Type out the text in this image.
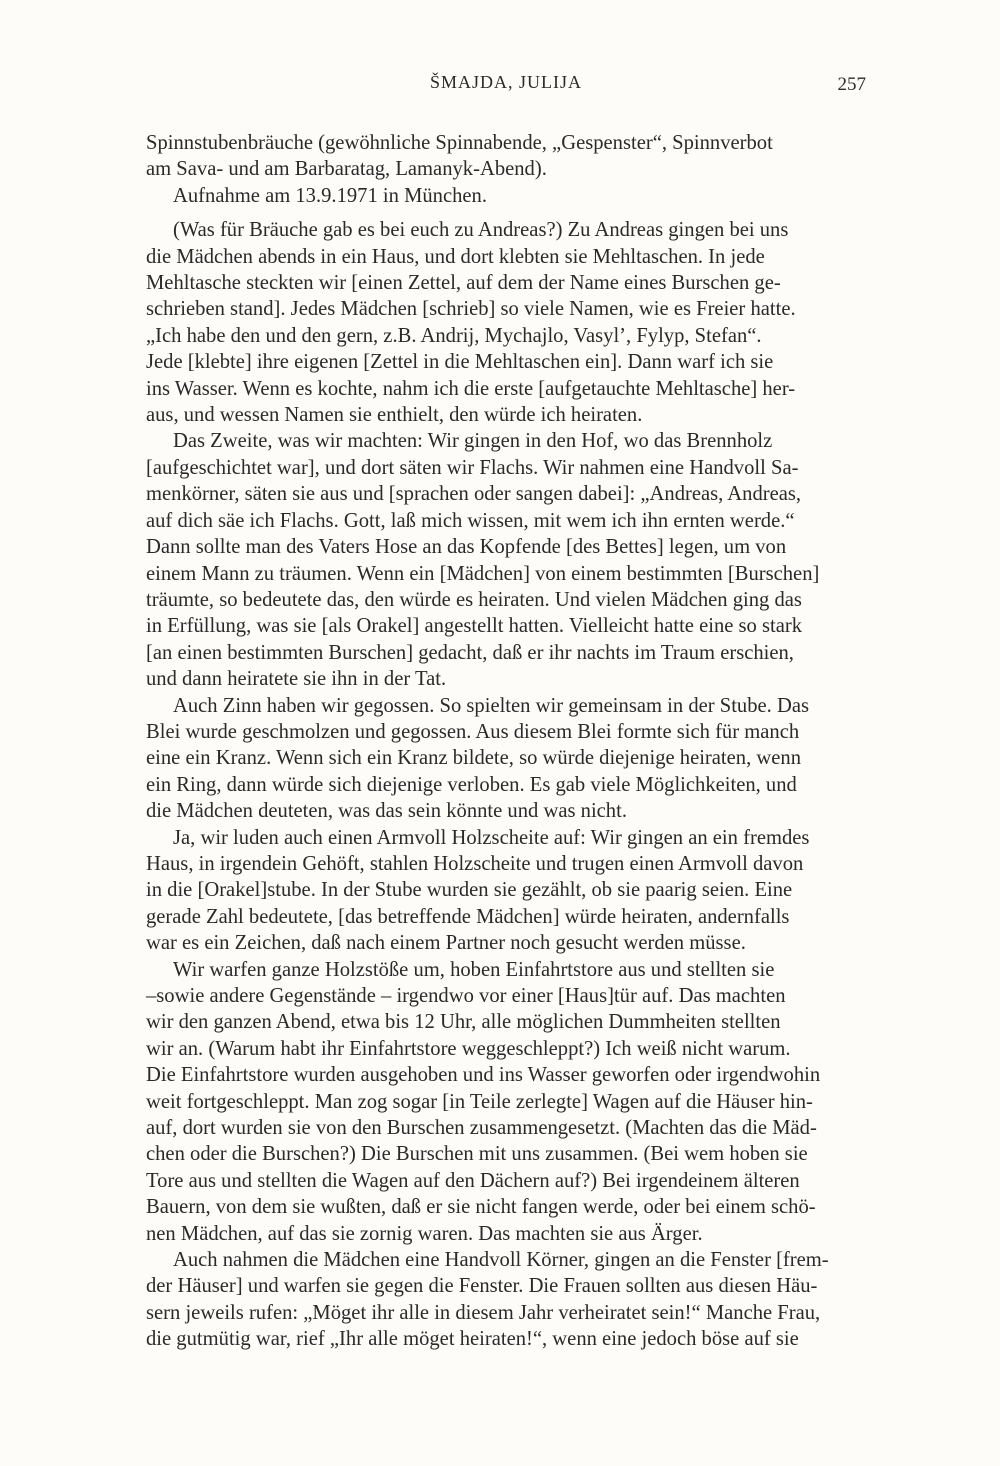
ŠMAJDA, JULIJA	257
Spinnstubenbräuche (gewöhnliche Spinnabende, „Gespenster“, Spinnverbot
am Sava- und am Barbaratag, Lamanyk-Abend).
Aufnahme am 13.9.1971 in München.
(Was für Bräuche gab es bei euch zu Andreas?) Zu Andreas gingen bei uns
die Mädchen abends in ein Haus, und dort klebten sie Mehltaschen. In jede
Mehltasche steckten wir [einen Zettel, auf dem der Name eines Burschen ge-
schrieben stand]. Jedes Mädchen [schrieb] so viele Namen, wie es Freier hatte.
„Ich habe den und den gern, z.B. Andrij, Mychajlo, Vasyl’, Fylyp, Stefan“.
Jede [klebte] ihre eigenen [Zettel in die Mehltaschen ein]. Dann warf ich sie
ins Wasser. Wenn es kochte, nahm ich die erste [aufgetauchte Mehltasche] her-
aus, und wessen Namen sie enthielt, den würde ich heiraten.
Das Zweite, was wir machten: Wir gingen in den Hof, wo das Brennholz
[aufgeschichtet war], und dort säten wir Flachs. Wir nahmen eine Handvoll Sa-
menkörner, säten sie aus und [sprachen oder sangen dabei]: „Andreas, Andreas,
auf dich säe ich Flachs. Gott, laß mich wissen, mit wem ich ihn ernten werde.“
Dann sollte man des Vaters Hose an das Kopfende [des Bettes] legen, um von
einem Mann zu träumen. Wenn ein [Mädchen] von einem bestimmten [Burschen]
träumte, so bedeutete das, den würde es heiraten. Und vielen Mädchen ging das
in Erfüllung, was sie [als Orakel] angestellt hatten. Vielleicht hatte eine so stark
[an einen bestimmten Burschen] gedacht, daß er ihr nachts im Traum erschien,
und dann heiratete sie ihn in der Tat.
Auch Zinn haben wir gegossen. So spielten wir gemeinsam in der Stube. Das
Blei wurde geschmolzen und gegossen. Aus diesem Blei formte sich für manch
eine ein Kranz. Wenn sich ein Kranz bildete, so würde diejenige heiraten, wenn
ein Ring, dann würde sich diejenige verloben. Es gab viele Möglichkeiten, und
die Mädchen deuteten, was das sein könnte und was nicht.
Ja, wir luden auch einen Armvoll Holzscheite auf: Wir gingen an ein fremdes
Haus, in irgendein Gehöft, stahlen Holzscheite und trugen einen Armvoll davon
in die [Orakel]stube. In der Stube wurden sie gezählt, ob sie paarig seien. Eine
gerade Zahl bedeutete, [das betreffende Mädchen] würde heiraten, andernfalls
war es ein Zeichen, daß nach einem Partner noch gesucht werden müsse.
Wir warfen ganze Holzstöße um, hoben Einfahrtstore aus und stellten sie
–sowie andere Gegenstände – irgendwo vor einer [Haus]tür auf. Das machten
wir den ganzen Abend, etwa bis 12 Uhr, alle möglichen Dummheiten stellten
wir an. (Warum habt ihr Einfahrtstore weggeschleppt?) Ich weiß nicht warum.
Die Einfahrtstore wurden ausgehoben und ins Wasser geworfen oder irgendwohin
weit fortgeschleppt. Man zog sogar [in Teile zerlegte] Wagen auf die Häuser hin-
auf, dort wurden sie von den Burschen zusammengesetzt. (Machten das die Mäd-
chen oder die Burschen?) Die Burschen mit uns zusammen. (Bei wem hoben sie
Tore aus und stellten die Wagen auf den Dächern auf?) Bei irgendeinem älteren
Bauern, von dem sie wußten, daß er sie nicht fangen werde, oder bei einem schö-
nen Mädchen, auf das sie zornig waren. Das machten sie aus Ärger.
Auch nahmen die Mädchen eine Handvoll Körner, gingen an die Fenster [frem-
der Häuser] und warfen sie gegen die Fenster. Die Frauen sollten aus diesen Häu-
sern jeweils rufen: „Möget ihr alle in diesem Jahr verheiratet sein!“ Manche Frau,
die gutmütig war, rief „Ihr alle möget heiraten!“, wenn eine jedoch böse auf sie
